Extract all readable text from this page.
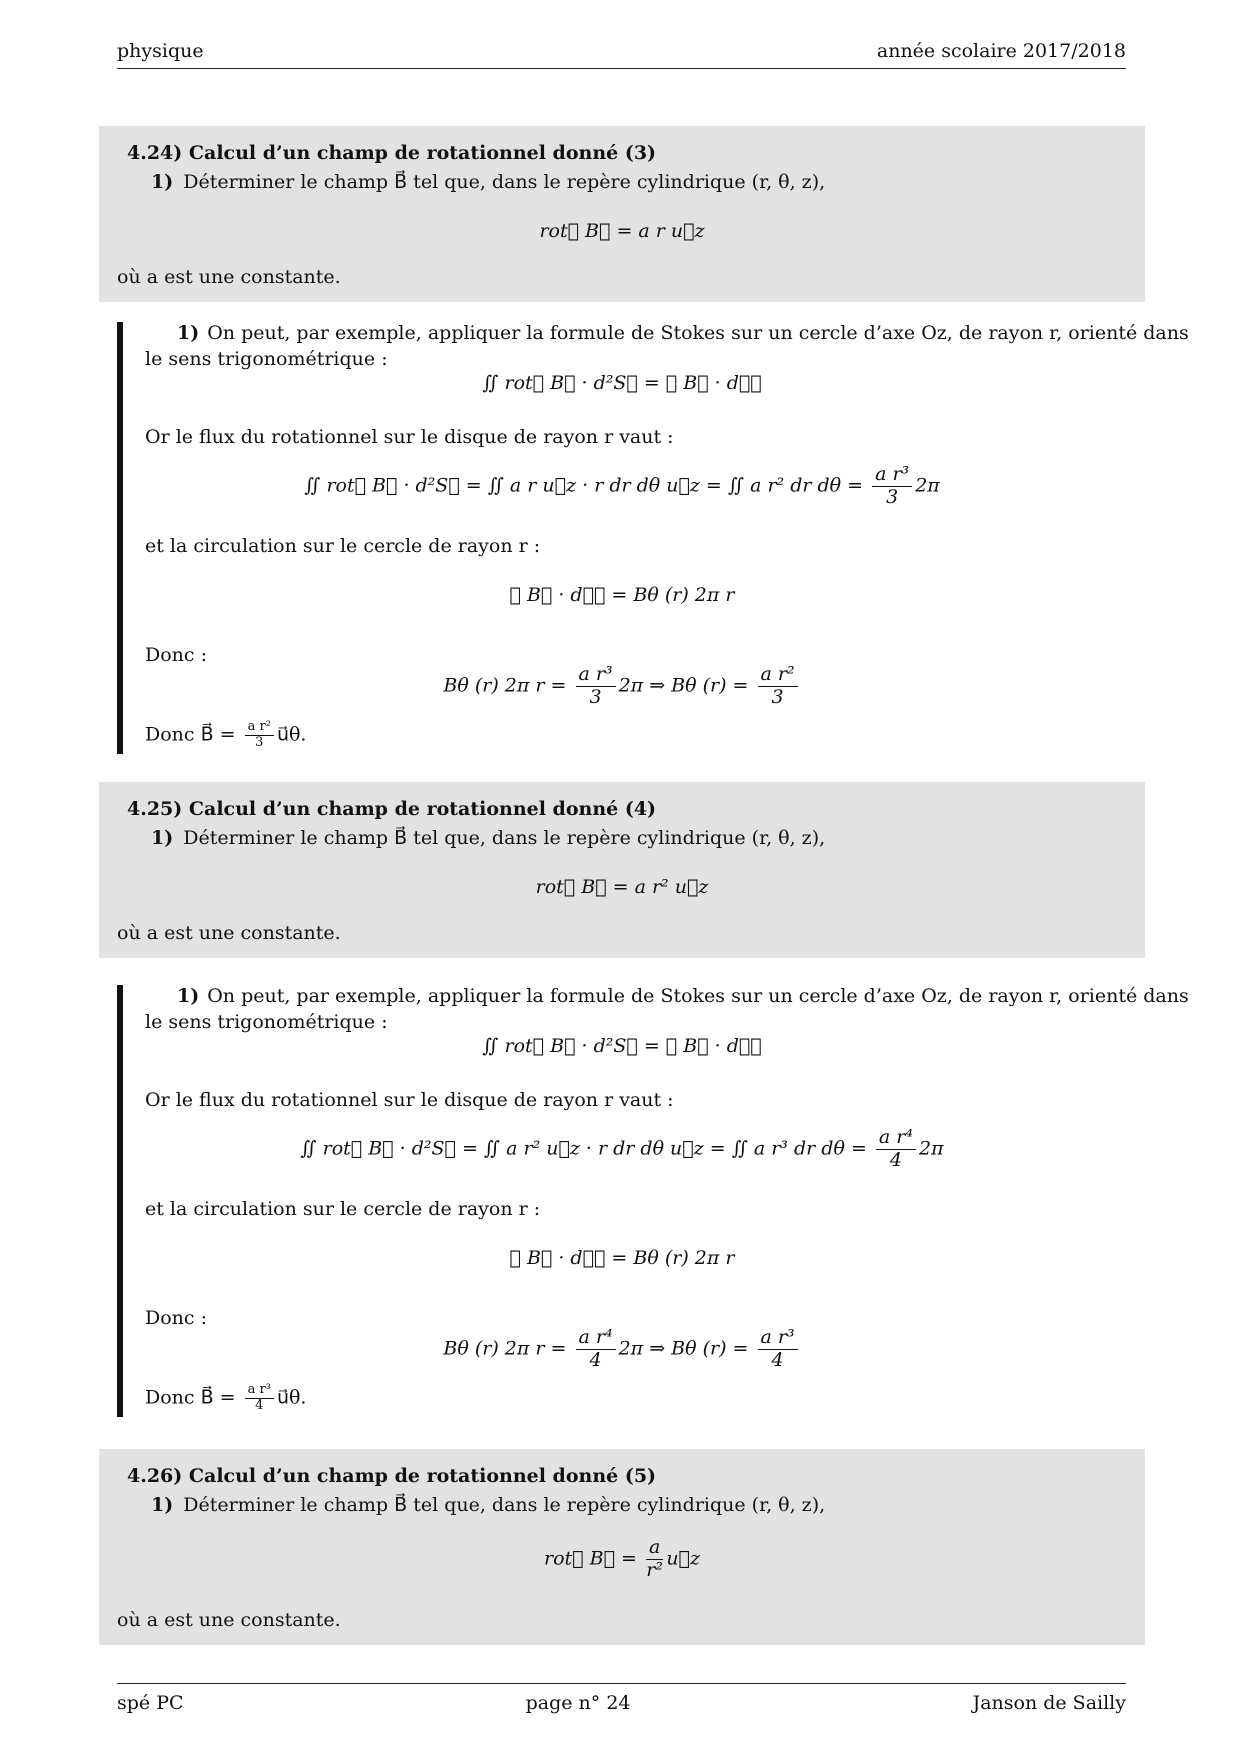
physique	année scolaire 2017/2018
4.24) Calcul d’un champ de rotationnel donné (3)
1) Déterminer le champ B⃗ tel que, dans le repère cylindrique (r, θ, z),
rot⃗ B⃗ = a r u⃗z
où a est une constante.
1) On peut, par exemple, appliquer la formule de Stokes sur un cercle d’axe Oz, de rayon r, orienté dans
le sens trigonométrique :
∬ rot⃗ B⃗ · d²S⃗ = ∮ B⃗ · dℓ⃗
Or le flux du rotationnel sur le disque de rayon r vaut :
∬ rot⃗ B⃗ · d²S⃗ = ∬ a r u⃗z · r dr dθ u⃗z = ∬ a r² dr $d\theta = \frac{\text{a r³}}{3} 2\pi$
et la circulation sur le cercle de rayon r :
∮ B⃗ · dℓ⃗ = Bθ (r) 2π r
Donc :
Bθ (r) 2π $r = \frac{\text{a r³}}{3} 2\pi$ ⇒ Bθ $(r) = \frac{\text{a r²}}{3}$
Donc B⃗ = $\frac{\text{a r²}}{3}$ u⃗θ.
4.25) Calcul d’un champ de rotationnel donné (4)
1) Déterminer le champ B⃗ tel que, dans le repère cylindrique (r, θ, z),
rot⃗ B⃗ = a r² u⃗z
où a est une constante.
1) On peut, par exemple, appliquer la formule de Stokes sur un cercle d’axe Oz, de rayon r, orienté dans
le sens trigonométrique :
∬ rot⃗ B⃗ · d²S⃗ = ∮ B⃗ · dℓ⃗
Or le flux du rotationnel sur le disque de rayon r vaut :
∬ rot⃗ B⃗ · d²S⃗ = ∬ a r² u⃗z · r dr dθ u⃗z = ∬ a r³ dr $d\theta = \frac{\text{a r⁴}}{4} 2\pi$
et la circulation sur le cercle de rayon r :
∮ B⃗ · dℓ⃗ = Bθ (r) 2π r
Donc :
Bθ (r) 2π $r = \frac{\text{a r⁴}}{4} 2\pi$ ⇒ Bθ $(r) = \frac{\text{a r³}}{4}$
Donc B⃗ = $\frac{\text{a r³}}{4}$ u⃗θ.
4.26) Calcul d’un champ de rotationnel donné (5)
1) Déterminer le champ B⃗ tel que, dans le repère cylindrique (r, θ, z),
rot⃗ B⃗ = $\frac{a}{\text{r²}}$ u⃗z
où a est une constante.
spé PC	page n° 24	Janson de Sailly
